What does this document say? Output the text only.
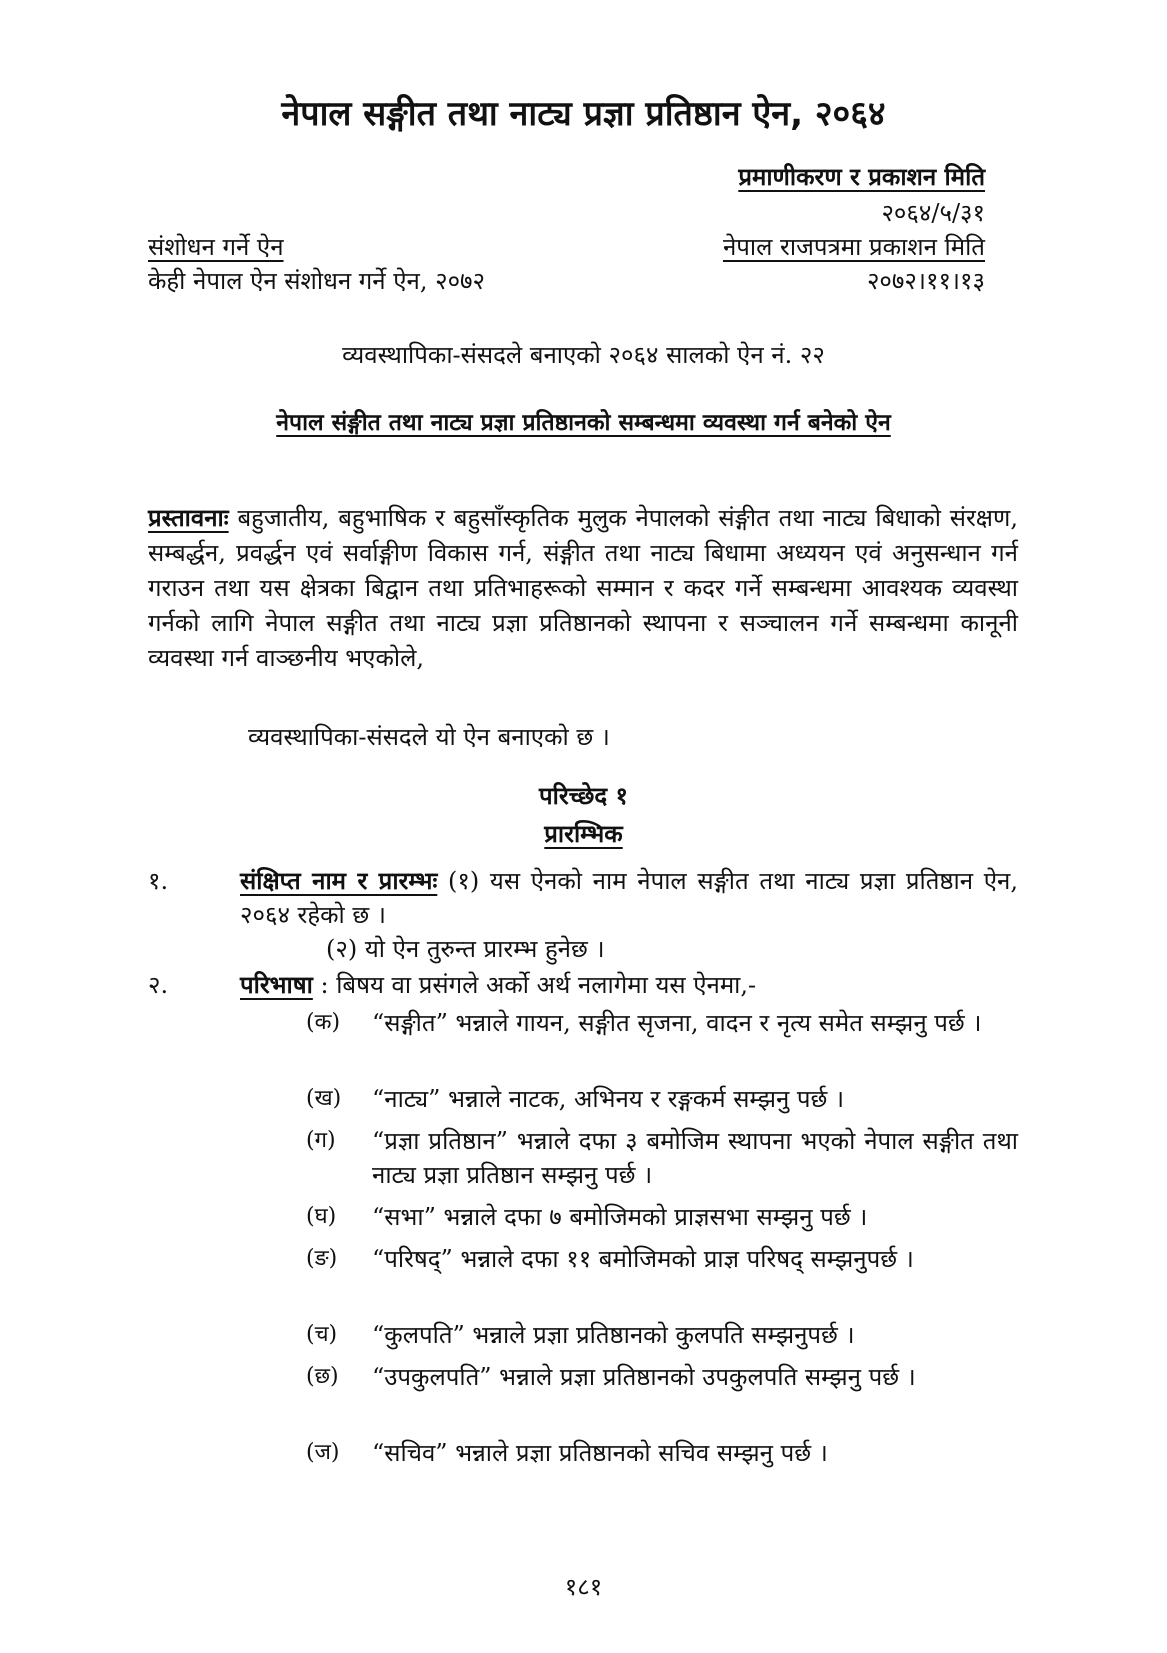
नेपाल सङ्गीत तथा नाट्य प्रज्ञा प्रतिष्ठान ऐन, २०६४
प्रमाणीकरण र प्रकाशन मिति
२०६४/५/३१
नेपाल राजपत्रमा प्रकाशन मिति
२०७२।११।१३
संशोधन गर्ने ऐन
केही नेपाल ऐन संशोधन गर्ने ऐन, २०७२
व्यवस्थापिका-संसदले बनाएको २०६४ सालको ऐन नं. २२
नेपाल संङ्गीत तथा नाट्य प्रज्ञा प्रतिष्ठानको सम्बन्धमा व्यवस्था गर्न बनेको ऐन
प्रस्तावनाः बहुजातीय, बहुभाषिक र बहुसाँस्कृतिक मुलुक नेपालको संङ्गीत तथा नाट्य बिधाको संरक्षण, सम्बर्द्धन, प्रवर्द्धन एवं सर्वाङ्गीण विकास गर्न, संङ्गीत तथा नाट्य बिधामा अध्ययन एवं अनुसन्धान गर्न गराउन तथा यस क्षेत्रका बिद्वान तथा प्रतिभाहरूको सम्मान र कदर गर्ने सम्बन्धमा आवश्यक व्यवस्था गर्नको लागि नेपाल सङ्गीत तथा नाट्य प्रज्ञा प्रतिष्ठानको स्थापना र सञ्चालन गर्ने सम्बन्धमा कानूनी व्यवस्था गर्न वाञ्छनीय भएकोले,
व्यवस्थापिका-संसदले यो ऐन बनाएको छ ।
परिच्छेद १
प्रारम्भिक
१.	संक्षिप्त नाम र प्रारम्भः (१) यस ऐनको नाम नेपाल सङ्गीत तथा नाट्य प्रज्ञा प्रतिष्ठान ऐन, २०६४ रहेको छ ।
(२) यो ऐन तुरुन्त प्रारम्भ हुनेछ ।
२.	परिभाषा : बिषय वा प्रसंगले अर्को अर्थ नलागेमा यस ऐनमा,-
(क)	“सङ्गीत” भन्नाले गायन, सङ्गीत सृजना, वादन र नृत्य समेत सम्झनु पर्छ ।
(ख)	“नाट्य” भन्नाले नाटक, अभिनय र रङ्गकर्म सम्झनु पर्छ ।
(ग)	“प्रज्ञा प्रतिष्ठान” भन्नाले दफा ३ बमोजिम स्थापना भएको नेपाल सङ्गीत तथा नाट्य प्रज्ञा प्रतिष्ठान सम्झनु पर्छ ।
(घ)	“सभा” भन्नाले दफा ७ बमोजिमको प्राज्ञसभा सम्झनु पर्छ ।
(ङ)	“परिषद्” भन्नाले दफा ११ बमोजिमको प्राज्ञ परिषद् सम्झनुपर्छ ।
(च)	“कुलपति” भन्नाले प्रज्ञा प्रतिष्ठानको कुलपति सम्झनुपर्छ ।
(छ)	“उपकुलपति” भन्नाले प्रज्ञा प्रतिष्ठानको उपकुलपति सम्झनु पर्छ ।
(ज)	“सचिव” भन्नाले प्रज्ञा प्रतिष्ठानको सचिव सम्झनु पर्छ ।
१८१
